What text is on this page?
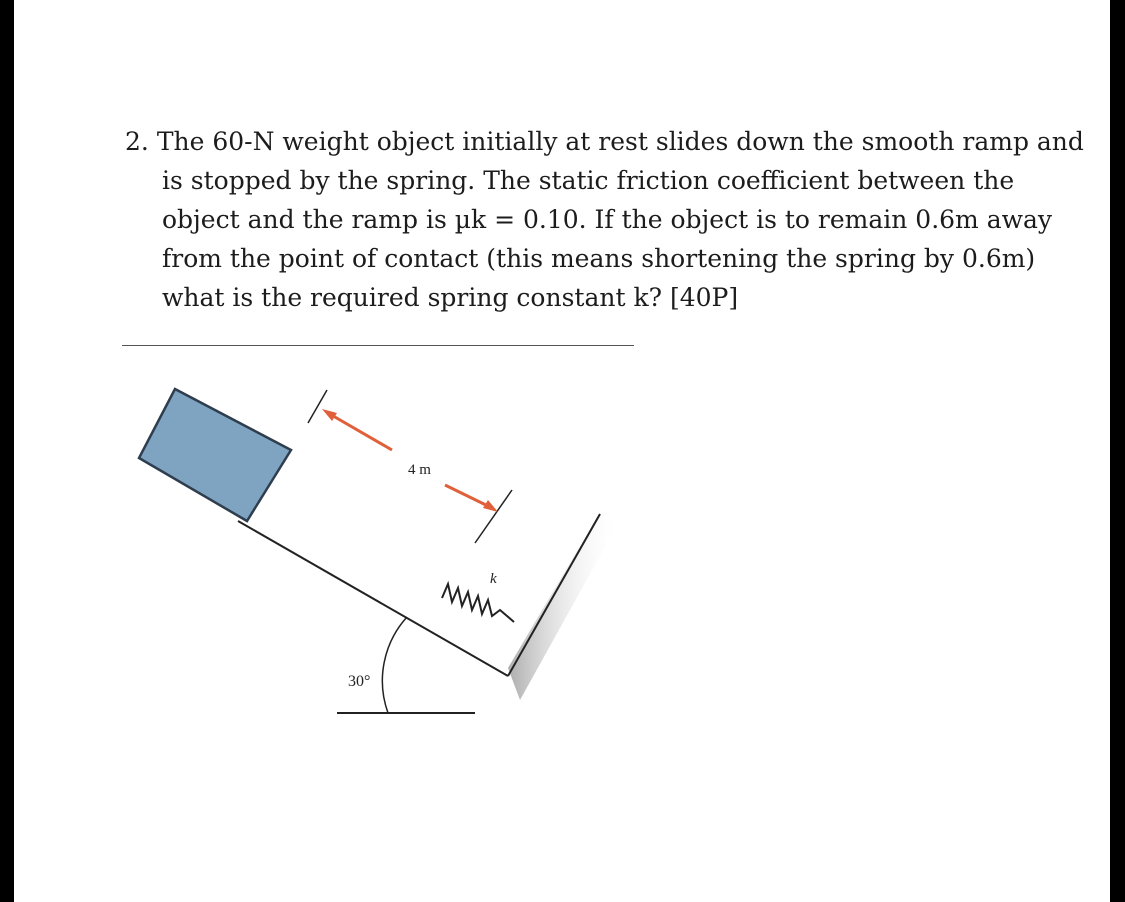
2. The 60-N weight object initially at rest slides down the smooth ramp and
is stopped by the spring. The static friction coefficient between the
object and the ramp is µk = 0.10. If the object is to remain 0.6m away
from the point of contact (this means shortening the spring by 0.6m)
what is the required spring constant k? [40P]
4 m
k
30°
